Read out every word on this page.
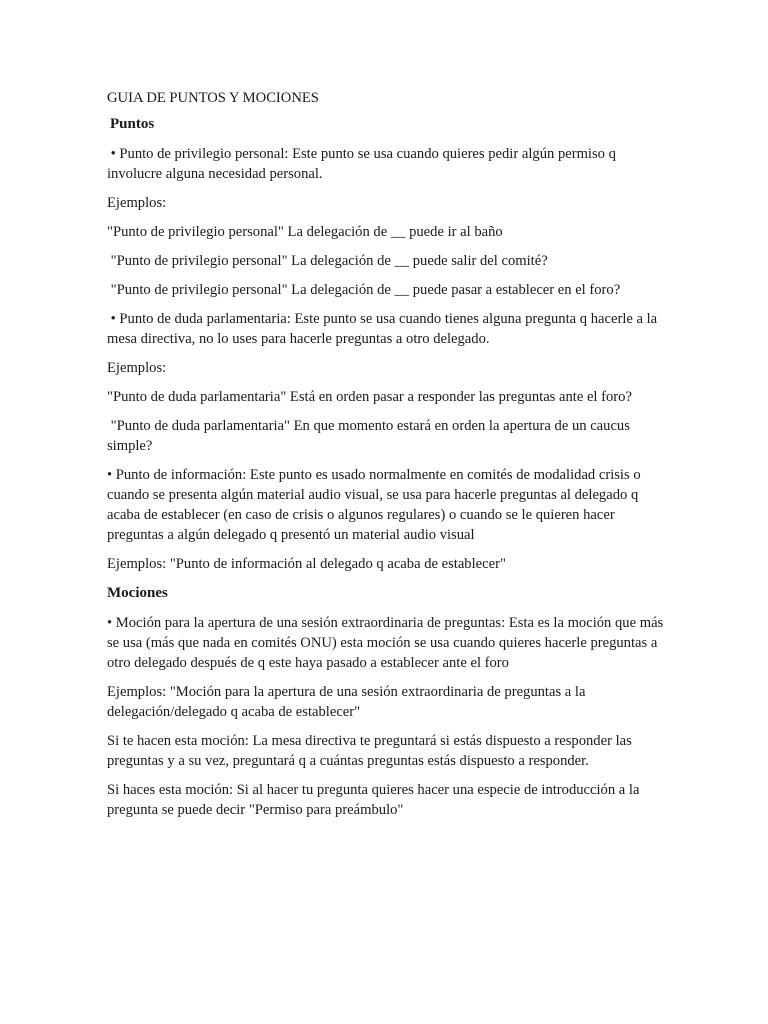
GUIA DE PUNTOS Y MOCIONES

Puntos

• Punto de privilegio personal: Este punto se usa cuando quieres pedir algún permiso q involucre alguna necesidad personal.

Ejemplos:

"Punto de privilegio personal" La delegación de __ puede ir al baño

"Punto de privilegio personal" La delegación de __ puede salir del comité?

"Punto de privilegio personal" La delegación de __ puede pasar a establecer en el foro?

• Punto de duda parlamentaria: Este punto se usa cuando tienes alguna pregunta q hacerle a la mesa directiva, no lo uses para hacerle preguntas a otro delegado.

Ejemplos:

"Punto de duda parlamentaria" Está en orden pasar a responder las preguntas ante el foro?

"Punto de duda parlamentaria" En que momento estará en orden la apertura de un caucus simple?

• Punto de información: Este punto es usado normalmente en comités de modalidad crisis o cuando se presenta algún material audio visual, se usa para hacerle preguntas al delegado q acaba de establecer (en caso de crisis o algunos regulares) o cuando se le quieren hacer preguntas a algún delegado q presentó un material audio visual

Ejemplos: "Punto de información al delegado q acaba de establecer"

Mociones

• Moción para la apertura de una sesión extraordinaria de preguntas: Esta es la moción que más se usa (más que nada en comités ONU) esta moción se usa cuando quieres hacerle preguntas a otro delegado después de q este haya pasado a establecer ante el foro

Ejemplos: "Moción para la apertura de una sesión extraordinaria de preguntas a la delegación/delegado q acaba de establecer"

Si te hacen esta moción: La mesa directiva te preguntará si estás dispuesto a responder las preguntas y a su vez, preguntará q a cuántas preguntas estás dispuesto a responder.

Si haces esta moción: Si al hacer tu pregunta quieres hacer una especie de introducción a la pregunta se puede decir "Permiso para preámbulo"
